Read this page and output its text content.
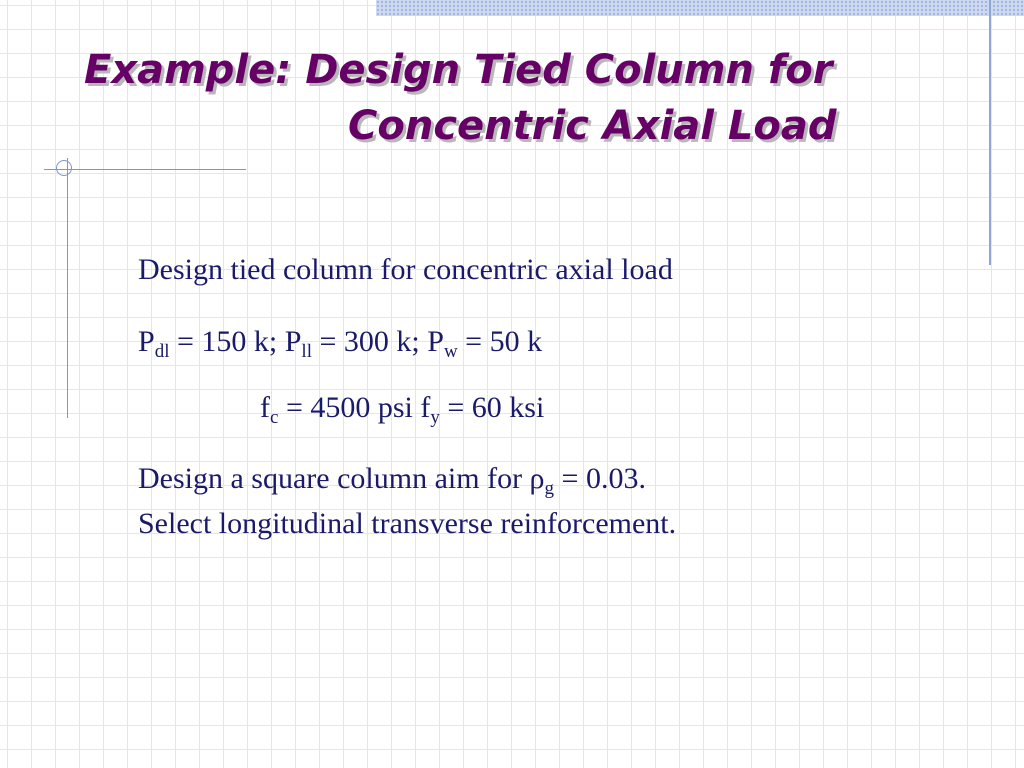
Example: Design Tied Column for
Concentric Axial Load

Design tied column for concentric axial load

$P_{dl} = 150$ k; $P_{ll} = 300$ k; $P_w = 50$ k

$f_c = 4500$ psi $f_y = 60$ ksi

Design a square column aim for $\rho_g = 0.03$.

Select longitudinal transverse reinforcement.
